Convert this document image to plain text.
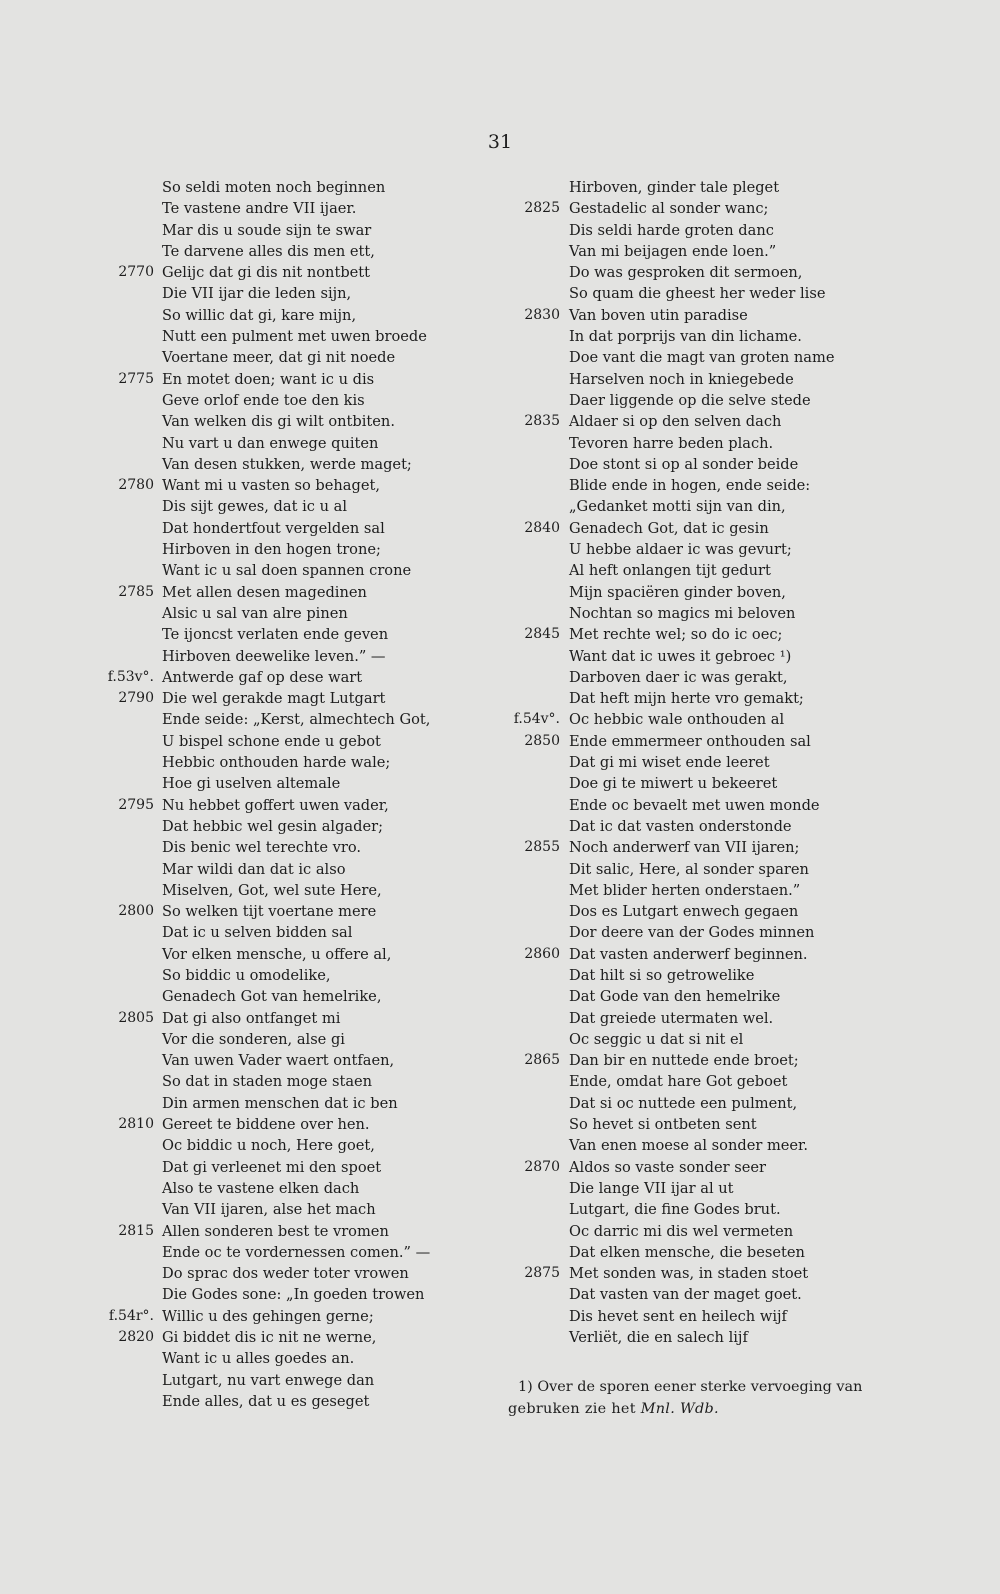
31
So seldi moten noch beginnen
Te vastene andre VII ijaer.
Mar dis u soude sijn te swar
Te darvene alles dis men ett,
2770 Gelijc dat gi dis nit nontbett
Die VII ijar die leden sijn,
So willic dat gi, kare mijn,
Nutt een pulment met uwen broede
Voertane meer, dat gi nit noede
2775 En motet doen; want ic u dis
Geve orlof ende toe den kis
Van welken dis gi wilt ontbiten.
Nu vart u dan enwege quiten
Van desen stukken, werde maget;
2780 Want mi u vasten so behaget,
Dis sijt gewes, dat ic u al
Dat hondertfout vergelden sal
Hirboven in den hogen trone;
Want ic u sal doen spannen crone
2785 Met allen desen magedinen
Alsic u sal van alre pinen
Te ijoncst verlaten ende geven
Hirboven deewelike leven.” —
f.53v°. Antwerde gaf op dese wart
2790 Die wel gerakde magt Lutgart
Ende seide: „Kerst, almechtech Got,
U bispel schone ende u gebot
Hebbic onthouden harde wale;
Hoe gi uselven altemale
2795 Nu hebbet goffert uwen vader,
Dat hebbic wel gesin algader;
Dis benic wel terechte vro.
Mar wildi dan dat ic also
Miselven, Got, wel sute Here,
2800 So welken tijt voertane mere
Dat ic u selven bidden sal
Vor elken mensche, u offere al,
So biddic u omodelike,
Genadech Got van hemelrike,
2805 Dat gi also ontfanget mi
Vor die sonderen, alse gi
Van uwen Vader waert ontfaen,
So dat in staden moge staen
Din armen menschen dat ic ben
2810 Gereet te biddene over hen.
Oc biddic u noch, Here goet,
Dat gi verleenet mi den spoet
Also te vastene elken dach
Van VII ijaren, alse het mach
2815 Allen sonderen best te vromen
Ende oc te vordernessen comen.” —
Do sprac dos weder toter vrowen
Die Godes sone: „In goeden trowen
f.54r°. Willic u des gehingen gerne;
2820 Gi biddet dis ic nit ne werne,
Want ic u alles goedes an.
Lutgart, nu vart enwege dan
Ende alles, dat u es geseget
Hirboven, ginder tale pleget
2825 Gestadelic al sonder wanc;
Dis seldi harde groten danc
Van mi beijagen ende loen.”
Do was gesproken dit sermoen,
So quam die gheest her weder lise
2830 Van boven utin paradise
In dat porprijs van din lichame.
Doe vant die magt van groten name
Harselven noch in kniegebede
Daer liggende op die selve stede
2835 Aldaer si op den selven dach
Tevoren harre beden plach.
Doe stont si op al sonder beide
Blide ende in hogen, ende seide:
„Gedanket motti sijn van din,
2840 Genadech Got, dat ic gesin
U hebbe aldaer ic was gevurt;
Al heft onlangen tijt gedurt
Mijn spaciëren ginder boven,
Nochtan so magics mi beloven
2845 Met rechte wel; so do ic oec;
Want dat ic uwes it gebroec ¹)
Darboven daer ic was gerakt,
Dat heft mijn herte vro gemakt;
f.54v°. Oc hebbic wale onthouden al
2850 Ende emmermeer onthouden sal
Dat gi mi wiset ende leeret
Doe gi te miwert u bekeeret
Ende oc bevaelt met uwen monde
Dat ic dat vasten onderstonde
2855 Noch anderwerf van VII ijaren;
Dit salic, Here, al sonder sparen
Met blider herten onderstaen.”
Dos es Lutgart enwech gegaen
Dor deere van der Godes minnen
2860 Dat vasten anderwerf beginnen.
Dat hilt si so getrowelike
Dat Gode van den hemelrike
Dat greiede utermaten wel.
Oc seggic u dat si nit el
2865 Dan bir en nuttede ende broet;
Ende, omdat hare Got geboet
Dat si oc nuttede een pulment,
So hevet si ontbeten sent
Van enen moese al sonder meer.
2870 Aldos so vaste sonder seer
Die lange VII ijar al ut
Lutgart, die fine Godes brut.
Oc darric mi dis wel vermeten
Dat elken mensche, die beseten
2875 Met sonden was, in staden stoet
Dat vasten van der maget goet.
Dis hevet sent en heilech wijf
Verliët, die en salech lijf
1) Over de sporen eener sterke vervoeging van
gebruken zie het Mnl. Wdb.
